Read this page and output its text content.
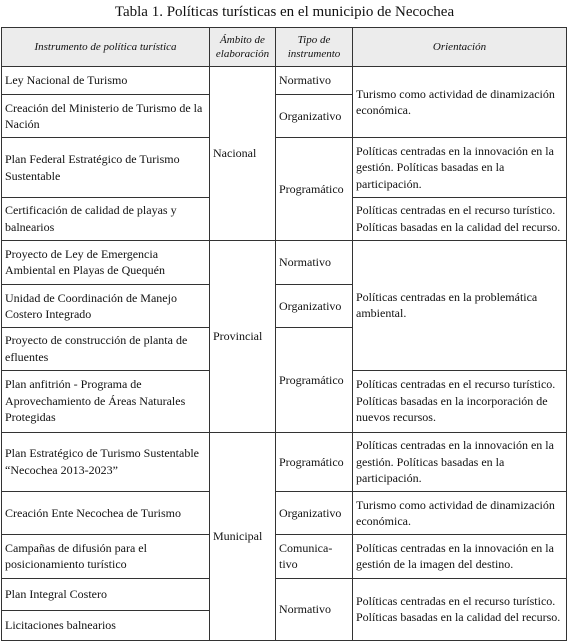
Tabla 1. Políticas turísticas en el municipio de Necochea
Instrumento de política turística	Ámbito de elaboración	Tipo de instrumento	Orientación
Ley Nacional de Turismo	Nacional	Normativo	Turismo como actividad de dinamización económica.
Creación del Ministerio de Turismo de la Nación		Organizativo	
Plan Federal Estratégico de Turismo Sustentable		Programático	Políticas centradas en la innovación en la gestión. Políticas basadas en la participación.
Certificación de calidad de playas y balnearios			Políticas centradas en el recurso turístico. Políticas basadas en la calidad del recurso.
Proyecto de Ley de Emergencia Ambiental en Playas de Quequén	Provincial	Normativo	Políticas centradas en la problemática ambiental.
Unidad de Coordinación de Manejo Costero Integrado		Organizativo	
Proyecto de construcción de planta de efluentes		Programático	
Plan anfitrión - Programa de Aprovechamiento de Áreas Naturales Protegidas			Políticas centradas en el recurso turístico. Políticas basadas en la incorporación de nuevos recursos.
Plan Estratégico de Turismo Sustentable “Necochea 2013-2023”	Municipal	Programático	Políticas centradas en la innovación en la gestión. Políticas basadas en la participación.
Creación Ente Necochea de Turismo		Organizativo	Turismo como actividad de dinamización económica.
Campañas de difusión para el posicionamiento turístico		Comunica-tivo	Políticas centradas en la innovación en la gestión de la imagen del destino.
Plan Integral Costero		Normativo	Políticas centradas en el recurso turístico. Políticas basadas en la calidad del recurso.
Licitaciones balnearios			
